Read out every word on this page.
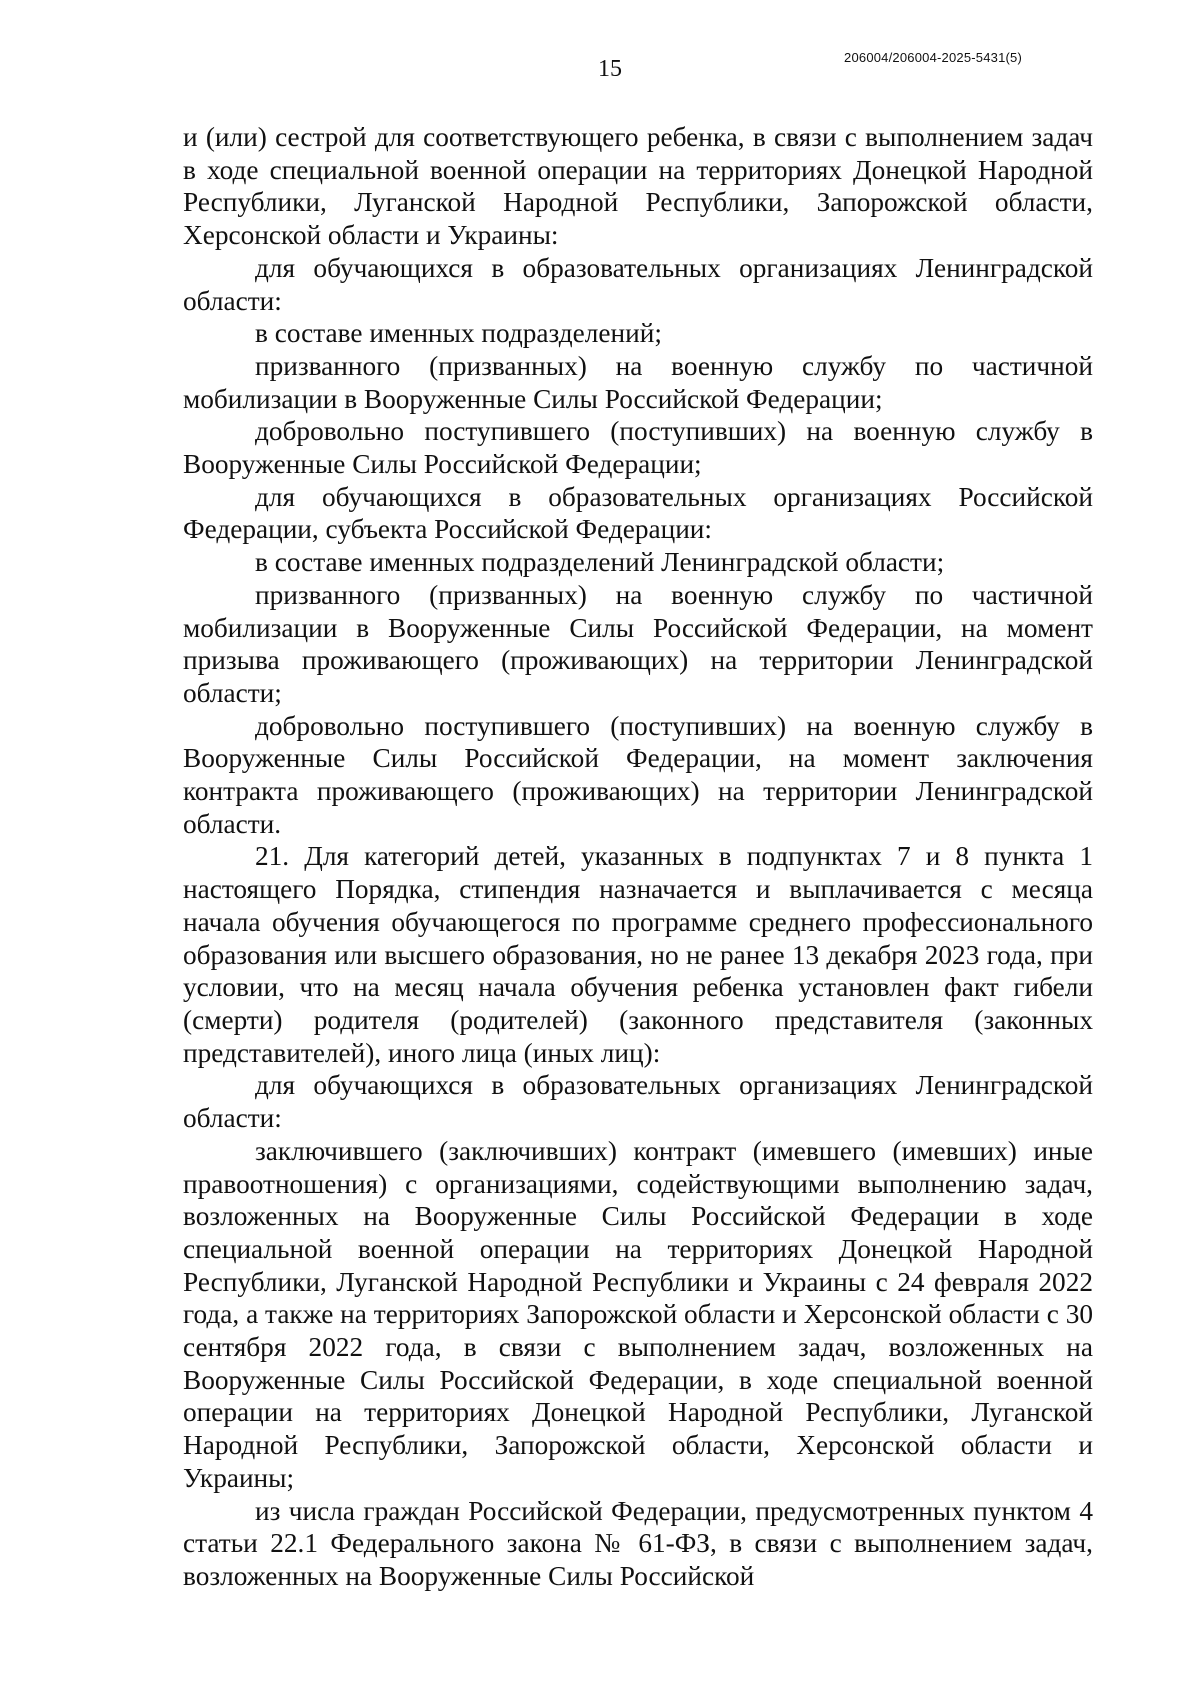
15	206004/206004-2025-5431(5)

и (или) сестрой для соответствующего ребенка, в связи с выполнением задач в ходе специальной военной операции на территориях Донецкой Народной Республики, Луганской Народной Республики, Запорожской области, Херсонской области и Украины:

для обучающихся в образовательных организациях Ленинградской области:

в составе именных подразделений;

призванного (призванных) на военную службу по частичной мобилизации в Вооруженные Силы Российской Федерации;

добровольно поступившего (поступивших) на военную службу в Вооруженные Силы Российской Федерации;

для обучающихся в образовательных организациях Российской Федерации, субъекта Российской Федерации:

в составе именных подразделений Ленинградской области;

призванного (призванных) на военную службу по частичной мобилизации в Вооруженные Силы Российской Федерации, на момент призыва проживающего (проживающих) на территории Ленинградской области;

добровольно поступившего (поступивших) на военную службу в Вооруженные Силы Российской Федерации, на момент заключения контракта проживающего (проживающих) на территории Ленинградской области.

21. Для категорий детей, указанных в подпунктах 7 и 8 пункта 1 настоящего Порядка, стипендия назначается и выплачивается с месяца начала обучения обучающегося по программе среднего профессионального образования или высшего образования, но не ранее 13 декабря 2023 года, при условии, что на месяц начала обучения ребенка установлен факт гибели (смерти) родителя (родителей) (законного представителя (законных представителей), иного лица (иных лиц):

для обучающихся в образовательных организациях Ленинградской области:

заключившего (заключивших) контракт (имевшего (имевших) иные правоотношения) с организациями, содействующими выполнению задач, возложенных на Вооруженные Силы Российской Федерации в ходе специальной военной операции на территориях Донецкой Народной Республики, Луганской Народной Республики и Украины с 24 февраля 2022 года, а также на территориях Запорожской области и Херсонской области с 30 сентября 2022 года, в связи с выполнением задач, возложенных на Вооруженные Силы Российской Федерации, в ходе специальной военной операции на территориях Донецкой Народной Республики, Луганской Народной Республики, Запорожской области, Херсонской области и Украины;

из числа граждан Российской Федерации, предусмотренных пунктом 4 статьи 22.1 Федерального закона № 61-ФЗ, в связи с выполнением задач, возложенных на Вооруженные Силы Российской
